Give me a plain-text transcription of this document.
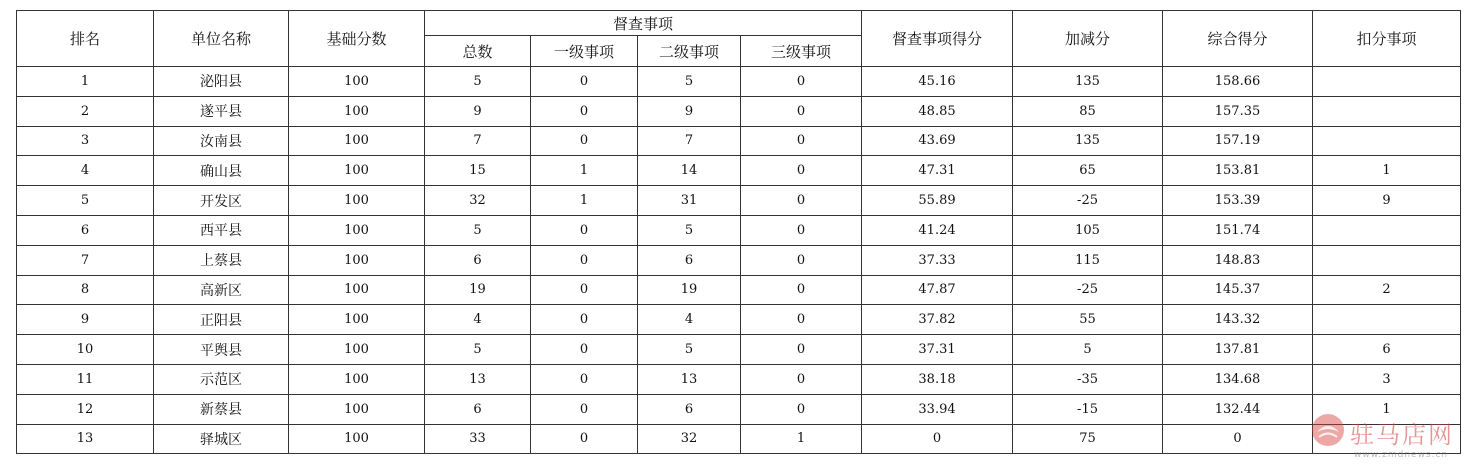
排名	单位名称	基础分数	督查事项				督查事项得分	加减分	综合得分	扣分事项
			总数	一级事项	二级事项	三级事项				
1	泌阳县	100	5	0	5	0	45.16	135	158.66	
2	遂平县	100	9	0	9	0	48.85	85	157.35	
3	汝南县	100	7	0	7	0	43.69	135	157.19	
4	确山县	100	15	1	14	0	47.31	65	153.81	1
5	开发区	100	32	1	31	0	55.89	-25	153.39	9
6	西平县	100	5	0	5	0	41.24	105	151.74	
7	上蔡县	100	6	0	6	0	37.33	115	148.83	
8	高新区	100	19	0	19	0	47.87	-25	145.37	2
9	正阳县	100	4	0	4	0	37.82	55	143.32	
10	平舆县	100	5	0	5	0	37.31	5	137.81	6
11	示范区	100	13	0	13	0	38.18	-35	134.68	3
12	新蔡县	100	6	0	6	0	33.94	-15	132.44	1
13	驿城区	100	33	0	32	1	0	75	0		驻马店网
www.zmdnews.cn
